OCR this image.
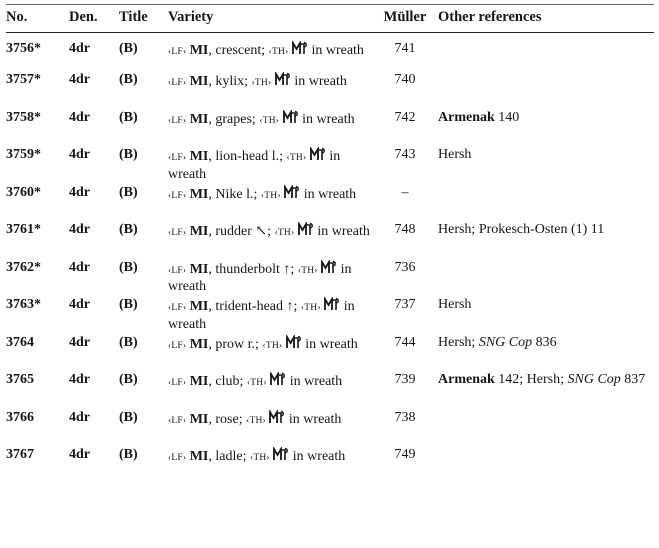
No.	Den.	Title	Variety	Müller	Other references
3756*	4dr	(B)	‹LF› MI, crescent; ‹TH›  in wreath	741	
3757*	4dr	(B)	‹LF› MI, kylix; ‹TH›  in wreath	740	
3758*	4dr	(B)	‹LF› MI, grapes; ‹TH›  in wreath	742	Armenak 140
3759*	4dr	(B)	‹LF› MI, lion-head l.; ‹TH›  in wreath	743	Hersh
3760*	4dr	(B)	‹LF› MI, Nike l.; ‹TH›  in wreath	–	
3761*	4dr	(B)	‹LF› MI, rudder ↖; ‹TH›  in wreath	748	Hersh; Prokesch-Osten (1) 11
3762*	4dr	(B)	‹LF› MI, thunderbolt ↑; ‹TH›  in wreath	736	
3763*	4dr	(B)	‹LF› MI, trident-head ↑; ‹TH›  in wreath	737	Hersh
3764	4dr	(B)	‹LF› MI, prow r.; ‹TH›  in wreath	744	Hersh; SNG Cop 836
3765	4dr	(B)	‹LF› MI, club; ‹TH›  in wreath	739	Armenak 142; Hersh; SNG Cop 837
3766	4dr	(B)	‹LF› MI, rose; ‹TH›  in wreath	738	
3767	4dr	(B)	‹LF› MI, ladle; ‹TH›  in wreath	749	
